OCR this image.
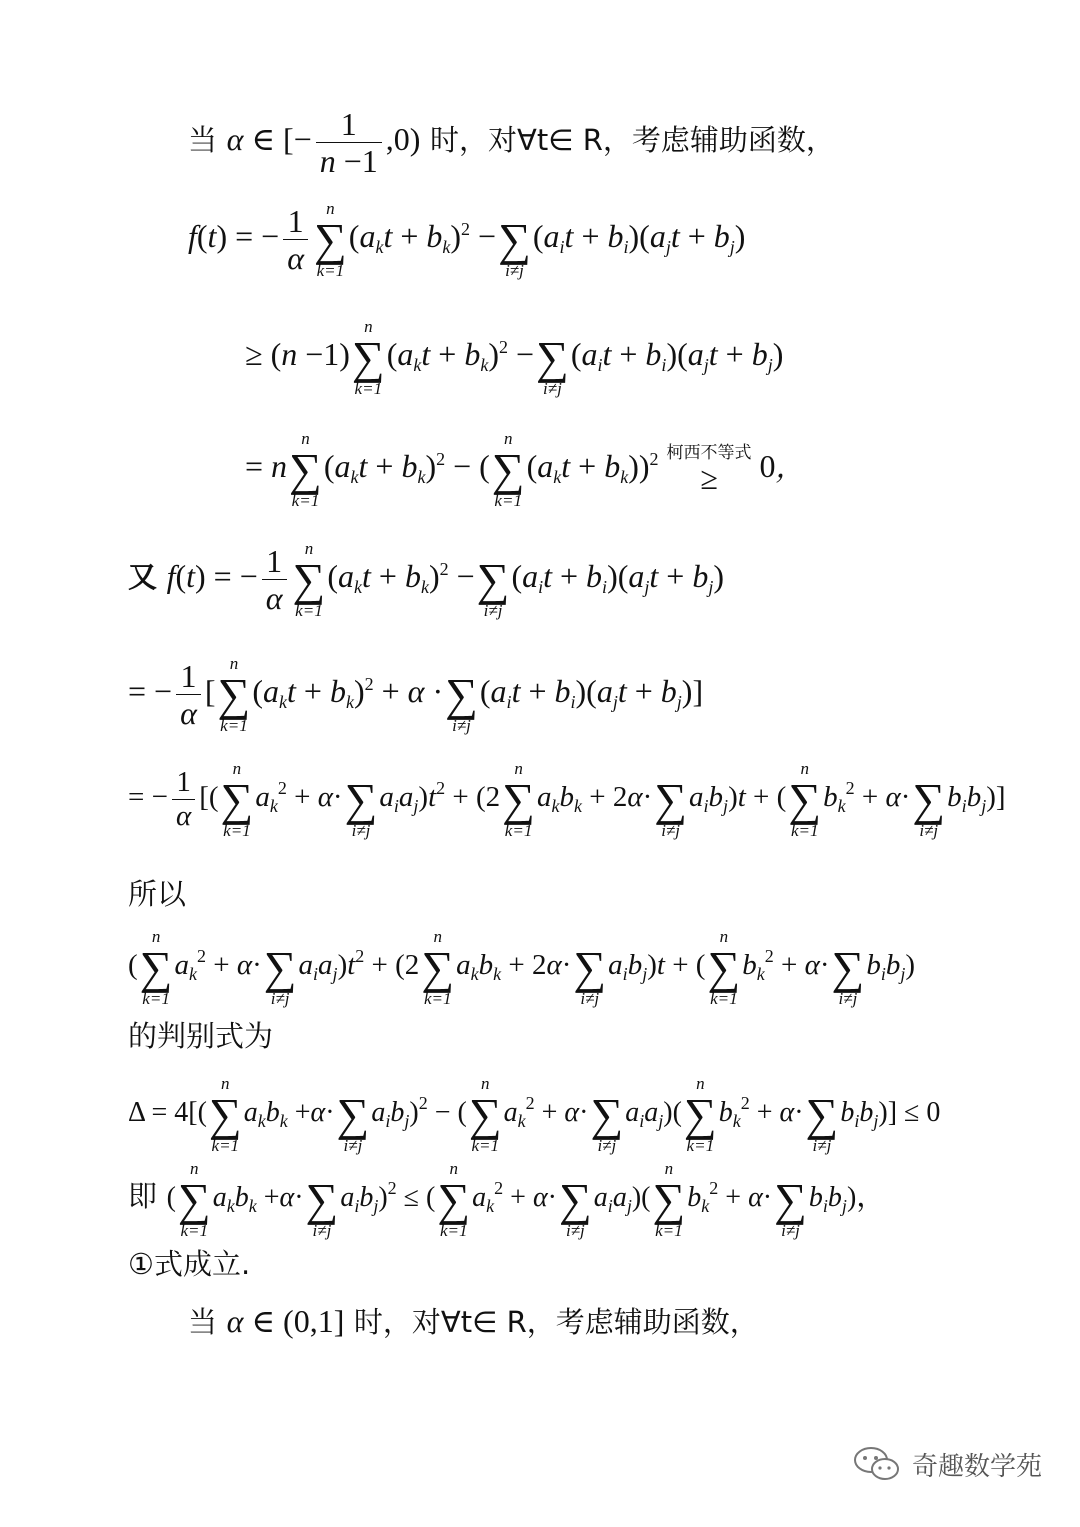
当 α ∈ [− $\frac{1}{n -1} ,0$) 时，对∀t∈ R，考虑辅助函数，
f(t) = − $\frac{1}{\alpha}$ n
∑
k=1
$(a_kt + b_k)^2$ −
∑
i≠j
$(a_it + b_i)(a_jt + b_j)$
≥ (n −1)
n
∑
k=1
$(a_kt + b_k)^2$ −
∑
i≠j
$(a_it + b_i)(a_jt + b_j)$
= n
n
∑
k=1
$(a_kt + b_k)^2$ − (
n
∑
k=1
$(a_kt + b_k))^2$ 柯西不等式
≥ 0，
又 f(t) = − $\frac{1}{\alpha}$ n
∑
k=1
$(a_kt + b_k)^2$ −
∑
i≠j
$(a_it + b_i)(a_jt + b_j)$
= − $\frac{1}{\alpha}$ [
n
∑
k=1
$(a_kt + b_k)^2 + \alpha$ ·
∑
i≠j
$(a_it + b_i)(a_jt + b_j)$]
= − $\frac{1}{\alpha}$ [(
n
∑
k=1
$a_k^2 + \alpha\cdot$
∑
i≠j
$a_ia_j)t^2 + (2$
n
∑
k=1
$a_kb_k + 2\alpha\cdot$
∑
i≠j
$a_ib_j)t$ + (
n
∑
k=1
$b_k^2 + \alpha\cdot$
∑
i≠j
$b_ib_j$)]
所以
(
n
∑
k=1
$a_k^2 + \alpha\cdot$
∑
i≠j
$a_ia_j)t^2 + (2$
n
∑
k=1
$a_kb_k + 2\alpha\cdot$
∑
i≠j
$a_ib_j)t$ + (
n
∑
k=1
$b_k^2 + \alpha\cdot$
∑
i≠j
$b_ib_j$)
的判别式为
Δ = 4[(
n
∑
k=1
$a_kb_k +\alpha\cdot$
∑
i≠j
$a_ib_j)^2$ − (
n
∑
k=1
$a_k^2 + \alpha\cdot$
∑
i≠j
$a_ia_j$)(
n
∑
k=1
$b_k^2 + \alpha\cdot$
∑
i≠j
$b_ib_j)] \le 0$
即 (
n
∑
k=1
$a_kb_k +\alpha\cdot$
∑
i≠j
$a_ib_j)^2$ ≤ (
n
∑
k=1
$a_k^2 + \alpha\cdot$
∑
i≠j
$a_ia_j$)(
n
∑
k=1
$b_k^2 + \alpha\cdot$
∑
i≠j
$b_ib_j$)，
①式成立.
当 α ∈ (0,1] 时，对∀t∈ R，考虑辅助函数，
奇趣数学苑
